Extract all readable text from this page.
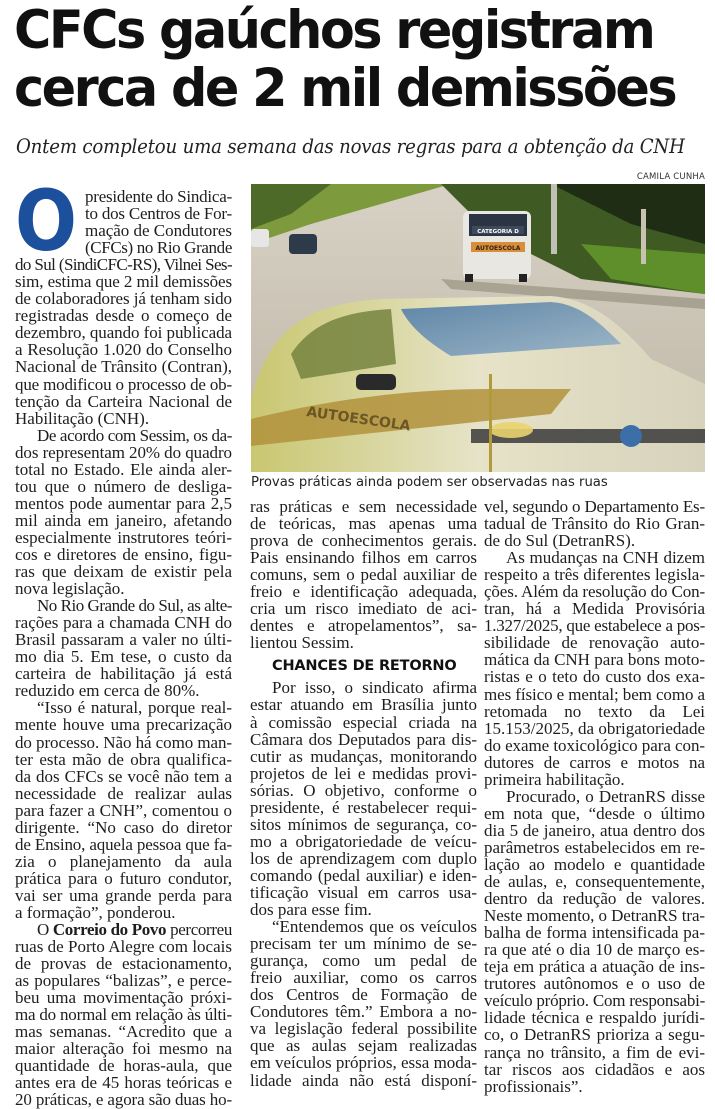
CFCs gaúchos registram
cerca de 2 mil demissões

Ontem completou uma semana das novas regras para a obtenção da CNH

CAMILA CUNHA
CATEGORIA D
AUTOESCOLA
AUTOESCOLA
Provas práticas ainda podem ser observadas nas ruas
O presidente do Sindica-
to dos Centros de For-
mação de Condutores
(CFCs) no Rio Grande
do Sul (SindiCFC-RS), Vilnei Ses-
sim, estima que 2 mil demissões
de colaboradores já tenham sido
registradas desde o começo de
dezembro, quando foi publicada
a Resolução 1.020 do Conselho
Nacional de Trânsito (Contran),
que modificou o processo de ob-
tenção da Carteira Nacional de
Habilitação (CNH).
De acordo com Sessim, os da-
dos representam 20% do quadro
total no Estado. Ele ainda aler-
tou que o número de desliga-
mentos pode aumentar para 2,5
mil ainda em janeiro, afetando
especialmente instrutores teóri-
cos e diretores de ensino, figu-
ras que deixam de existir pela
nova legislação.
No Rio Grande do Sul, as alte-
rações para a chamada CNH do
Brasil passaram a valer no últi-
mo dia 5. Em tese, o custo da
carteira de habilitação já está
reduzido em cerca de 80%.
“Isso é natural, porque real-
mente houve uma precarização
do processo. Não há como man-
ter esta mão de obra qualifica-
da dos CFCs se você não tem a
necessidade de realizar aulas
para fazer a CNH”, comentou o
dirigente. “No caso do diretor
de Ensino, aquela pessoa que fa-
zia o planejamento da aula
prática para o futuro condutor,
vai ser uma grande perda para
a formação”, ponderou.
O Correio do Povo percorreu
ruas de Porto Alegre com locais
de provas de estacionamento,
as populares “balizas”, e perce-
beu uma movimentação próxi-
ma do normal em relação às últi-
mas semanas. “Acredito que a
maior alteração foi mesmo na
quantidade de horas-aula, que
antes era de 45 horas teóricas e
20 práticas, e agora são duas ho-
ras práticas e sem necessidade
de teóricas, mas apenas uma
prova de conhecimentos gerais.
Pais ensinando filhos em carros
comuns, sem o pedal auxiliar de
freio e identificação adequada,
cria um risco imediato de aci-
dentes e atropelamentos”, sa-
lientou Sessim.
CHANCES DE RETORNO
Por isso, o sindicato afirma
estar atuando em Brasília junto
à comissão especial criada na
Câmara dos Deputados para dis-
cutir as mudanças, monitorando
projetos de lei e medidas provi-
sórias. O objetivo, conforme o
presidente, é restabelecer requi-
sitos mínimos de segurança, co-
mo a obrigatoriedade de veícu-
los de aprendizagem com duplo
comando (pedal auxiliar) e iden-
tificação visual em carros usa-
dos para esse fim.
“Entendemos que os veículos
precisam ter um mínimo de se-
gurança, como um pedal de
freio auxiliar, como os carros
dos Centros de Formação de
Condutores têm.” Embora a no-
va legislação federal possibilite
que as aulas sejam realizadas
em veículos próprios, essa moda-
lidade ainda não está disponí-
vel, segundo o Departamento Es-
tadual de Trânsito do Rio Gran-
de do Sul (DetranRS).
As mudanças na CNH dizem
respeito a três diferentes legisla-
ções. Além da resolução do Con-
tran, há a Medida Provisória
1.327/2025, que estabelece a pos-
sibilidade de renovação auto-
mática da CNH para bons moto-
ristas e o teto do custo dos exa-
mes físico e mental; bem como a
retomada no texto da Lei
15.153/2025, da obrigatoriedade
do exame toxicológico para con-
dutores de carros e motos na
primeira habilitação.
Procurado, o DetranRS disse
em nota que, “desde o último
dia 5 de janeiro, atua dentro dos
parâmetros estabelecidos em re-
lação ao modelo e quantidade
de aulas, e, consequentemente,
dentro da redução de valores.
Neste momento, o DetranRS tra-
balha de forma intensificada pa-
ra que até o dia 10 de março es-
teja em prática a atuação de ins-
trutores autônomos e o uso de
veículo próprio. Com responsabi-
lidade técnica e respaldo jurídi-
co, o DetranRS prioriza a segu-
rança no trânsito, a fim de evi-
tar riscos aos cidadãos e aos
profissionais”.
